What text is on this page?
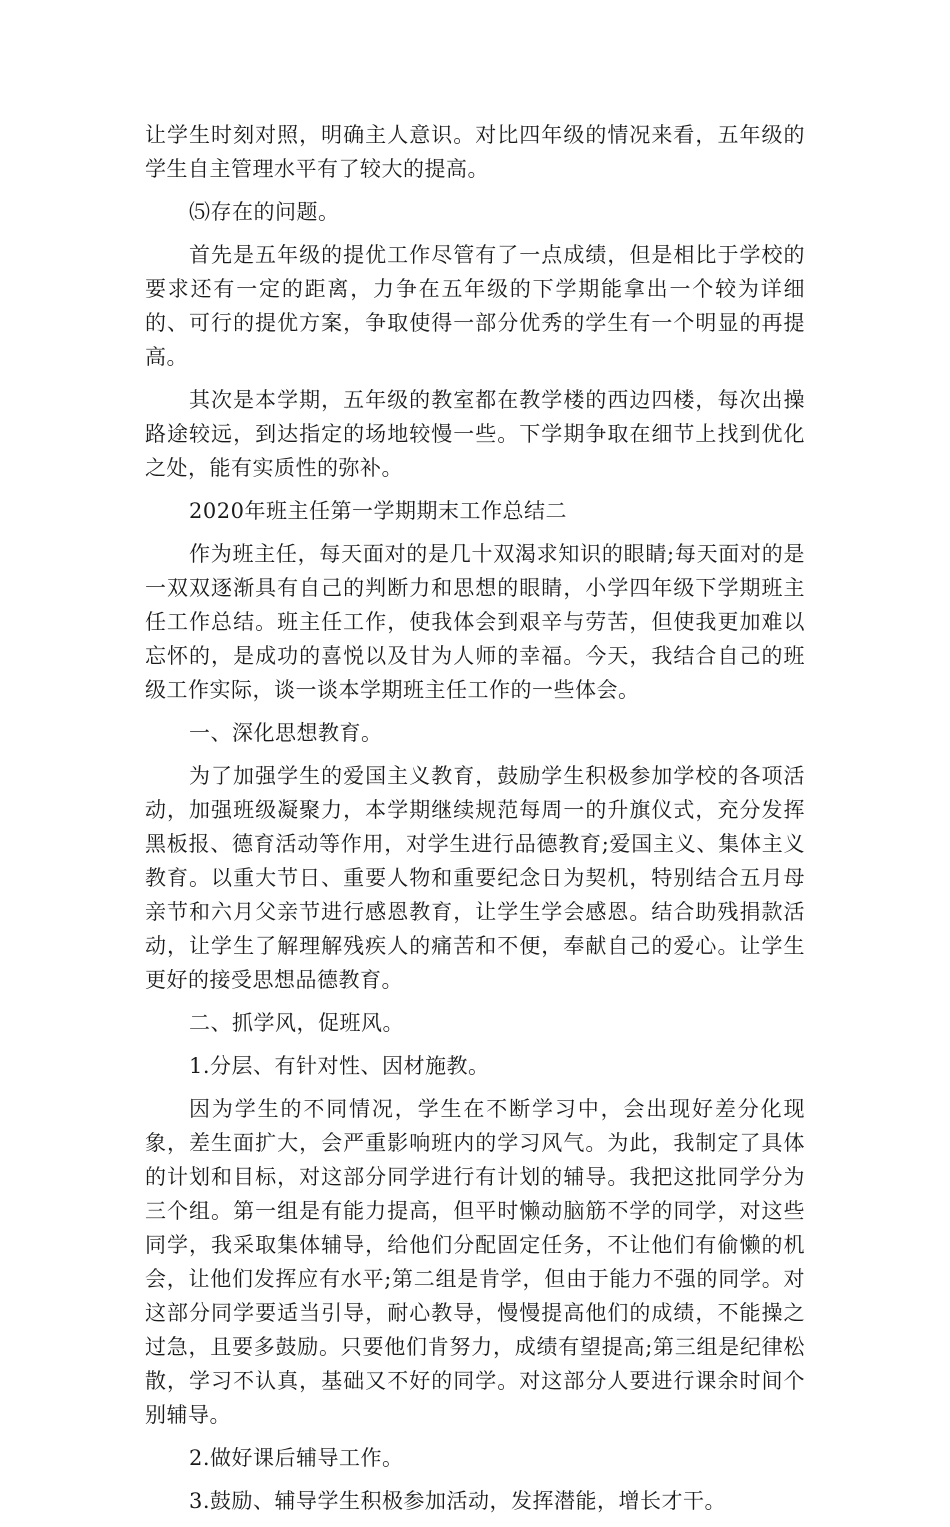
让学生时刻对照，明确主人意识。对比四年级的情况来看，五年级的学生自主管理水平有了较大的提高。

⑸存在的问题。

首先是五年级的提优工作尽管有了一点成绩，但是相比于学校的要求还有一定的距离，力争在五年级的下学期能拿出一个较为详细的、可行的提优方案，争取使得一部分优秀的学生有一个明显的再提高。

其次是本学期，五年级的教室都在教学楼的西边四楼，每次出操路途较远，到达指定的场地较慢一些。下学期争取在细节上找到优化之处，能有实质性的弥补。

2020年班主任第一学期期末工作总结二

作为班主任，每天面对的是几十双渴求知识的眼睛;每天面对的是一双双逐渐具有自己的判断力和思想的眼睛，小学四年级下学期班主任工作总结。班主任工作，使我体会到艰辛与劳苦，但使我更加难以忘怀的，是成功的喜悦以及甘为人师的幸福。今天，我结合自己的班级工作实际，谈一谈本学期班主任工作的一些体会。

一、深化思想教育。

为了加强学生的爱国主义教育，鼓励学生积极参加学校的各项活动，加强班级凝聚力，本学期继续规范每周一的升旗仪式，充分发挥黑板报、德育活动等作用，对学生进行品德教育;爱国主义、集体主义教育。以重大节日、重要人物和重要纪念日为契机，特别结合五月母亲节和六月父亲节进行感恩教育，让学生学会感恩。结合助残捐款活动，让学生了解理解残疾人的痛苦和不便，奉献自己的爱心。让学生更好的接受思想品德教育。

二、抓学风，促班风。

1.分层、有针对性、因材施教。

因为学生的不同情况，学生在不断学习中，会出现好差分化现象，差生面扩大，会严重影响班内的学习风气。为此，我制定了具体的计划和目标，对这部分同学进行有计划的辅导。我把这批同学分为三个组。第一组是有能力提高，但平时懒动脑筋不学的同学，对这些同学，我采取集体辅导，给他们分配固定任务，不让他们有偷懒的机会，让他们发挥应有水平;第二组是肯学，但由于能力不强的同学。对这部分同学要适当引导，耐心教导，慢慢提高他们的成绩，不能操之过急，且要多鼓励。只要他们肯努力，成绩有望提高;第三组是纪律松散，学习不认真，基础又不好的同学。对这部分人要进行课余时间个别辅导。

2.做好课后辅导工作。

3.鼓励、辅导学生积极参加活动，发挥潜能，增长才干。
